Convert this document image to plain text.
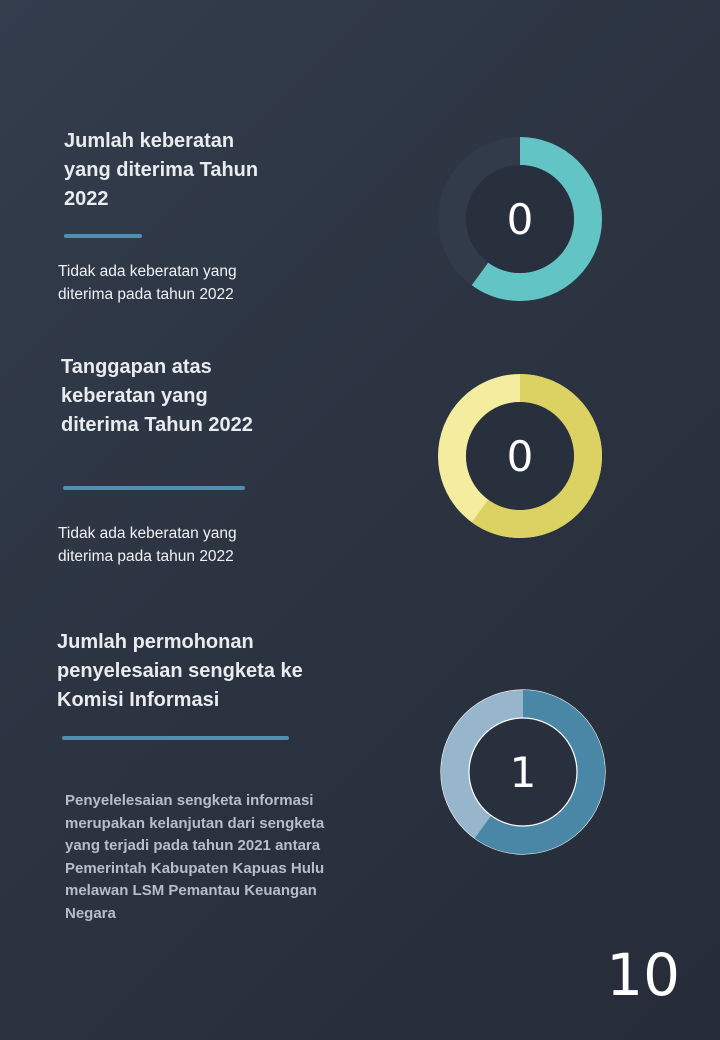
Jumlah keberatan yang diterima Tahun 2022

Tidak ada keberatan yang diterima pada tahun 2022

0
Tanggapan atas keberatan yang diterima Tahun 2022

Tidak ada keberatan yang diterima pada tahun 2022

0
Jumlah permohonan penyelesaian sengketa ke Komisi Informasi

Penyelelesaian sengketa informasi merupakan kelanjutan dari sengketa yang terjadi pada tahun 2021 antara Pemerintah Kabupaten Kapuas Hulu melawan LSM Pemantau Keuangan Negara

1
10
